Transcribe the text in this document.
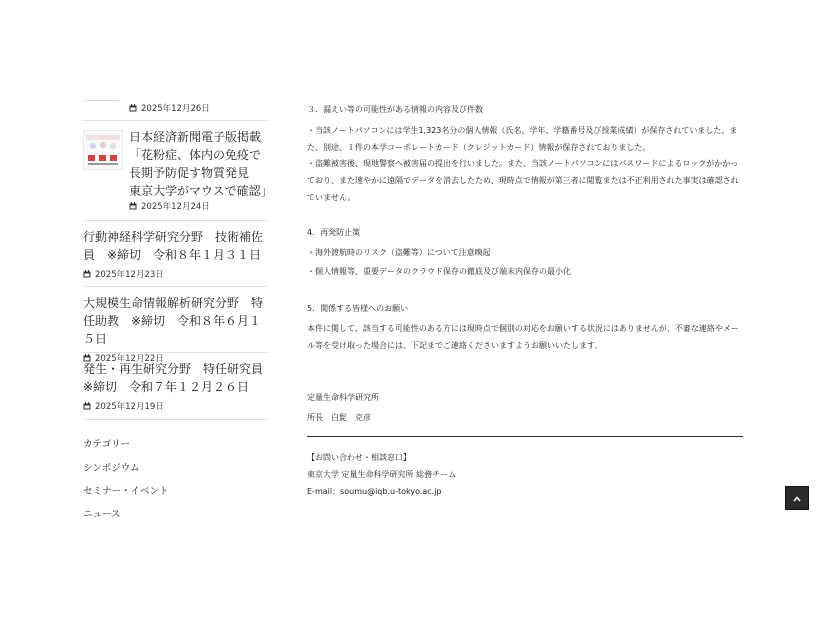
2025年12月26日
日本経済新聞電子版掲載「花粉症、体内の免疫で長期予防促す物質発見　東京大学がマウスで確認」
2025年12月24日
行動神経科学研究分野　技術補佐員　※締切　令和８年１月３１日
2025年12月23日
大規模生命情報解析研究分野　特任助教　※締切　令和８年６月１５日
2025年12月22日
発生・再生研究分野　特任研究員　※締切　令和７年１２月２６日
2025年12月19日
カテゴリー
シンポジウム
セミナー・イベント
ニュース
３．漏えい等の可能性がある情報の内容及び件数
・当該ノートパソコンには学生1,323名分の個人情報（氏名、学年、学籍番号及び授業成績）が保存されていました。また、別途、１件の本学コーポレートカード（クレジットカード）情報が保存されておりました。
・盗難被害後、現地警察へ被害届の提出を行いました。また、当該ノートパソコンにはパスワードによるロックがかかっており、また速やかに遠隔でデータを消去したため、現時点で情報が第三者に閲覧または不正利用された事実は確認されていません。
4．再発防止策
・海外渡航時のリスク（盗難等）について注意喚起
・個人情報等、重要データのクラウド保存の徹底及び端末内保存の最小化
5．関係する皆様へのお願い
本件に関して、該当する可能性のある方には現時点で個別の対応をお願いする状況にはありませんが、不審な連絡やメール等を受け取った場合には、下記までご連絡くださいますようお願いいたします。
定量生命科学研究所
所長　白髭　克彦
【お問い合わせ・相談窓口】
東京大学 定量生命科学研究所 総務チーム
E-mail：soumu@iqb.u-tokyo.ac.jp
